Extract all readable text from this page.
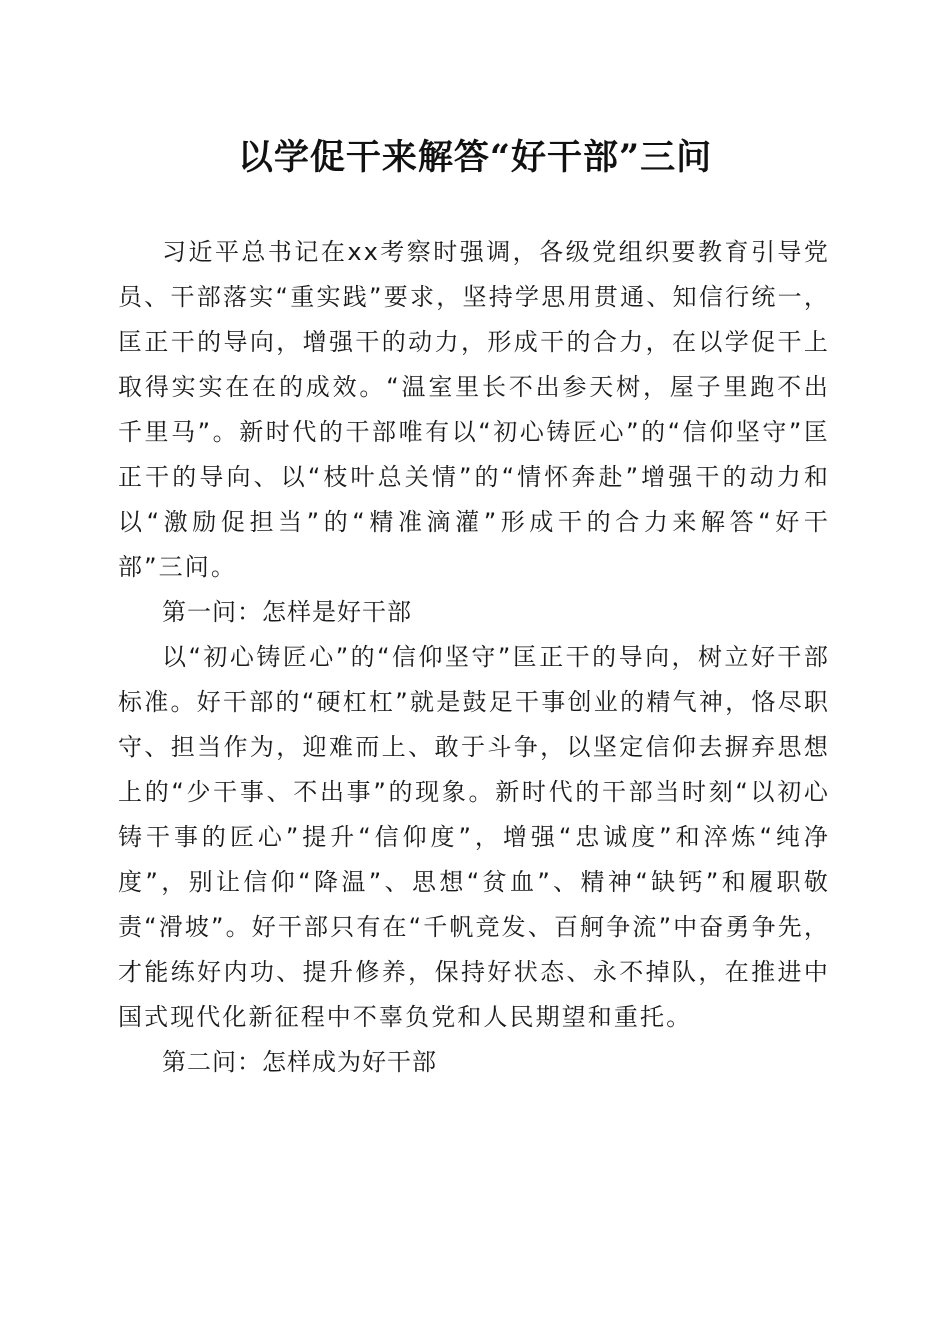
以学促干来解答“好干部”三问

习近平总书记在xx考察时强调，各级党组织要教育引导党员、干部落实“重实践”要求，坚持学思用贯通、知信行统一，匡正干的导向，增强干的动力，形成干的合力，在以学促干上取得实实在在的成效。“温室里长不出参天树，屋子里跑不出千里马”。新时代的干部唯有以“初心铸匠心”的“信仰坚守”匡正干的导向、以“枝叶总关情”的“情怀奔赴”增强干的动力和以“激励促担当”的“精准滴灌”形成干的合力来解答“好干部”三问。

第一问：怎样是好干部

以“初心铸匠心”的“信仰坚守”匡正干的导向，树立好干部标准。好干部的“硬杠杠”就是鼓足干事创业的精气神，恪尽职守、担当作为，迎难而上、敢于斗争，以坚定信仰去摒弃思想上的“少干事、不出事”的现象。新时代的干部当时刻“以初心铸干事的匠心”提升“信仰度”，增强“忠诚度”和淬炼“纯净度”，别让信仰“降温”、思想“贫血”、精神“缺钙”和履职敬责“滑坡”。好干部只有在“千帆竞发、百舸争流”中奋勇争先，才能练好内功、提升修养，保持好状态、永不掉队，在推进中国式现代化新征程中不辜负党和人民期望和重托。

第二问：怎样成为好干部
